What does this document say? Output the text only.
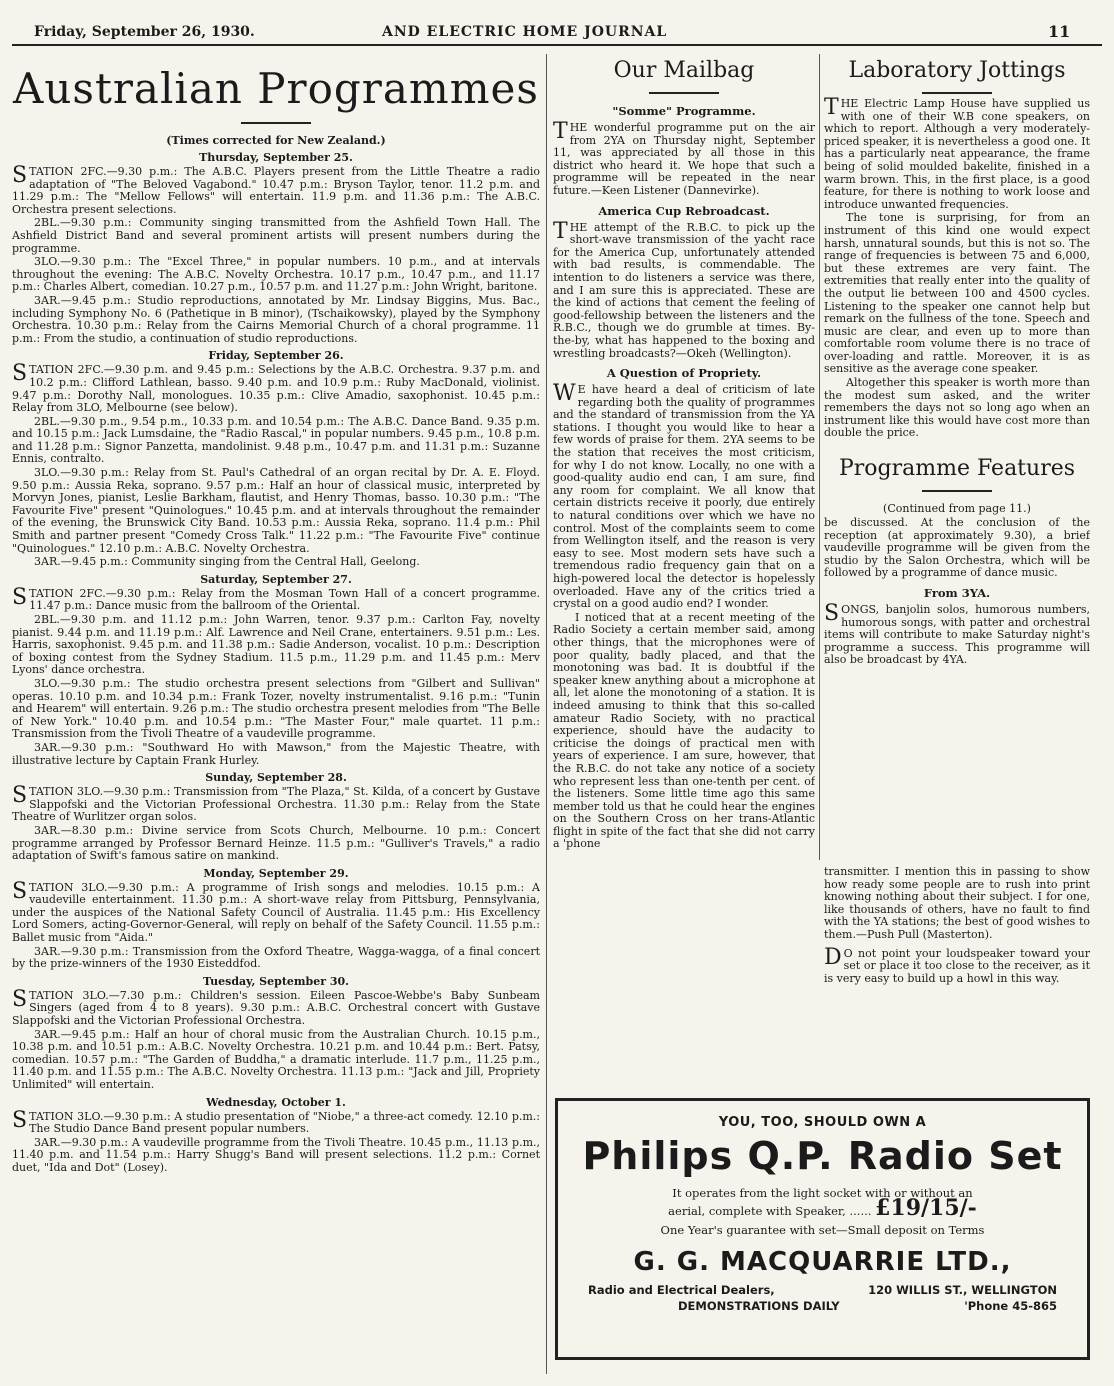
Friday, September 26, 1930.	AND ELECTRIC HOME JOURNAL	11
Australian Programmes
(Times corrected for New Zealand.)
Thursday, September 25.

STATION 2FC.—9.30 p.m.: The A.B.C. Players present from the Little Theatre a radio adaptation of "The Beloved Vagabond." 10.47 p.m.: Bryson Taylor, tenor. 11.2 p.m. and 11.29 p.m.: The "Mellow Fellows" will entertain. 11.9 p.m. and 11.36 p.m.: The A.B.C. Orchestra present selections.

2BL.—9.30 p.m.: Community singing transmitted from the Ashfield Town Hall. The Ashfield District Band and several prominent artists will present numbers during the programme.

3LO.—9.30 p.m.: The "Excel Three," in popular numbers. 10 p.m., and at intervals throughout the evening: The A.B.C. Novelty Orchestra. 10.17 p.m., 10.47 p.m., and 11.17 p.m.: Charles Albert, comedian. 10.27 p.m., 10.57 p.m. and 11.27 p.m.: John Wright, baritone.

3AR.—9.45 p.m.: Studio reproductions, annotated by Mr. Lindsay Biggins, Mus. Bac., including Symphony No. 6 (Pathetique in B minor), (Tschaikowsky), played by the Symphony Orchestra. 10.30 p.m.: Relay from the Cairns Memorial Church of a choral programme. 11 p.m.: From the studio, a continuation of studio reproductions.

Friday, September 26.

STATION 2FC.—9.30 p.m. and 9.45 p.m.: Selections by the A.B.C. Orchestra. 9.37 p.m. and 10.2 p.m.: Clifford Lathlean, basso. 9.40 p.m. and 10.9 p.m.: Ruby MacDonald, violinist. 9.47 p.m.: Dorothy Nall, monologues. 10.35 p.m.: Clive Amadio, saxophonist. 10.45 p.m.: Relay from 3LO, Melbourne (see below).

2BL.—9.30 p.m., 9.54 p.m., 10.33 p.m. and 10.54 p.m.: The A.B.C. Dance Band. 9.35 p.m. and 10.15 p.m.: Jack Lumsdaine, the "Radio Rascal," in popular numbers. 9.45 p.m., 10.8 p.m. and 11.28 p.m.: Signor Panzetta, mandolinist. 9.48 p.m., 10.47 p.m. and 11.31 p.m.: Suzanne Ennis, contralto.

3LO.—9.30 p.m.: Relay from St. Paul's Cathedral of an organ recital by Dr. A. E. Floyd. 9.50 p.m.: Aussia Reka, soprano. 9.57 p.m.: Half an hour of classical music, interpreted by Morvyn Jones, pianist, Leslie Barkham, flautist, and Henry Thomas, basso. 10.30 p.m.: "The Favourite Five" present "Quinologues." 10.45 p.m. and at intervals throughout the remainder of the evening, the Brunswick City Band. 10.53 p.m.: Aussia Reka, soprano. 11.4 p.m.: Phil Smith and partner present "Comedy Cross Talk." 11.22 p.m.: "The Favourite Five" continue "Quinologues." 12.10 p.m.: A.B.C. Novelty Orchestra.

3AR.—9.45 p.m.: Community singing from the Central Hall, Geelong.

Saturday, September 27.

STATION 2FC.—9.30 p.m.: Relay from the Mosman Town Hall of a concert programme. 11.47 p.m.: Dance music from the ballroom of the Oriental.

2BL.—9.30 p.m. and 11.12 p.m.: John Warren, tenor. 9.37 p.m.: Carlton Fay, novelty pianist. 9.44 p.m. and 11.19 p.m.: Alf. Lawrence and Neil Crane, entertainers. 9.51 p.m.: Les. Harris, saxophonist. 9.45 p.m. and 11.38 p.m.: Sadie Anderson, vocalist. 10 p.m.: Description of boxing contest from the Sydney Stadium. 11.5 p.m., 11.29 p.m. and 11.45 p.m.: Merv Lyons' dance orchestra.

3LO.—9.30 p.m.: The studio orchestra present selections from "Gilbert and Sullivan" operas. 10.10 p.m. and 10.34 p.m.: Frank Tozer, novelty instrumentalist. 9.16 p.m.: "Tunin and Hearem" will entertain. 9.26 p.m.: The studio orchestra present melodies from "The Belle of New York." 10.40 p.m. and 10.54 p.m.: "The Master Four," male quartet. 11 p.m.: Transmission from the Tivoli Theatre of a vaudeville programme.

3AR.—9.30 p.m.: "Southward Ho with Mawson," from the Majestic Theatre, with illustrative lecture by Captain Frank Hurley.

Sunday, September 28.

STATION 3LO.—9.30 p.m.: Transmission from "The Plaza," St. Kilda, of a concert by Gustave Slappofski and the Victorian Professional Orchestra. 11.30 p.m.: Relay from the State Theatre of Wurlitzer organ solos.

3AR.—8.30 p.m.: Divine service from Scots Church, Melbourne. 10 p.m.: Concert programme arranged by Professor Bernard Heinze. 11.5 p.m.: "Gulliver's Travels," a radio adaptation of Swift's famous satire on mankind.

Monday, September 29.

STATION 3LO.—9.30 p.m.: A programme of Irish songs and melodies. 10.15 p.m.: A vaudeville entertainment. 11.30 p.m.: A short-wave relay from Pittsburg, Pennsylvania, under the auspices of the National Safety Council of Australia. 11.45 p.m.: His Excellency Lord Somers, acting-Governor-General, will reply on behalf of the Safety Council. 11.55 p.m.: Ballet music from "Aida."

3AR.—9.30 p.m.: Transmission from the Oxford Theatre, Wagga-wagga, of a final concert by the prize-winners of the 1930 Eisteddfod.

Tuesday, September 30.

STATION 3LO.—7.30 p.m.: Children's session. Eileen Pascoe-Webbe's Baby Sunbeam Singers (aged from 4 to 8 years). 9.30 p.m.: A.B.C. Orchestral concert with Gustave Slappofski and the Victorian Professional Orchestra.

3AR.—9.45 p.m.: Half an hour of choral music from the Australian Church. 10.15 p.m., 10.38 p.m. and 10.51 p.m.: A.B.C. Novelty Orchestra. 10.21 p.m. and 10.44 p.m.: Bert. Patsy, comedian. 10.57 p.m.: "The Garden of Buddha," a dramatic interlude. 11.7 p.m., 11.25 p.m., 11.40 p.m. and 11.55 p.m.: The A.B.C. Novelty Orchestra. 11.13 p.m.: "Jack and Jill, Propriety Unlimited" will entertain.

Wednesday, October 1.

STATION 3LO.—9.30 p.m.: A studio presentation of "Niobe," a three-act comedy. 12.10 p.m.: The Studio Dance Band present popular numbers.

3AR.—9.30 p.m.: A vaudeville programme from the Tivoli Theatre. 10.45 p.m., 11.13 p.m., 11.40 p.m. and 11.54 p.m.: Harry Shugg's Band will present selections. 11.2 p.m.: Cornet duet, "Ida and Dot" (Losey).

Our Mailbag
"Somme" Programme.

THE wonderful programme put on the air from 2YA on Thursday night, September 11, was appreciated by all those in this district who heard it. We hope that such a programme will be repeated in the near future.—Keen Listener (Dannevirke).

America Cup Rebroadcast.

THE attempt of the R.B.C. to pick up the short-wave transmission of the yacht race for the America Cup, unfortunately attended with bad results, is commendable. The intention to do listeners a service was there, and I am sure this is appreciated. These are the kind of actions that cement the feeling of good-fellowship between the listeners and the R.B.C., though we do grumble at times. By-the-by, what has happened to the boxing and wrestling broadcasts?—Okeh (Wellington).

A Question of Propriety.

WE have heard a deal of criticism of late regarding both the quality of programmes and the standard of transmission from the YA stations. I thought you would like to hear a few words of praise for them. 2YA seems to be the station that receives the most criticism, for why I do not know. Locally, no one with a good-quality audio end can, I am sure, find any room for complaint. We all know that certain districts receive it poorly, due entirely to natural conditions over which we have no control. Most of the complaints seem to come from Wellington itself, and the reason is very easy to see. Most modern sets have such a tremendous radio frequency gain that on a high-powered local the detector is hopelessly overloaded. Have any of the critics tried a crystal on a good audio end? I wonder.

I noticed that at a recent meeting of the Radio Society a certain member said, among other things, that the microphones were of poor quality, badly placed, and that the monotoning was bad. It is doubtful if the speaker knew anything about a microphone at all, let alone the monotoning of a station. It is indeed amusing to think that this so-called amateur Radio Society, with no practical experience, should have the audacity to criticise the doings of practical men with years of experience. I am sure, however, that the R.B.C. do not take any notice of a society who represent less than one-tenth per cent. of the listeners. Some little time ago this same member told us that he could hear the engines on the Southern Cross on her trans-Atlantic flight in spite of the fact that she did not carry a 'phone

Laboratory Jottings

THE Electric Lamp House have supplied us with one of their W.B cone speakers, on which to report. Although a very moderately-priced speaker, it is nevertheless a good one. It has a particularly neat appearance, the frame being of solid moulded bakelite, finished in a warm brown. This, in the first place, is a good feature, for there is nothing to work loose and introduce unwanted frequencies.

The tone is surprising, for from an instrument of this kind one would expect harsh, unnatural sounds, but this is not so. The range of frequencies is between 75 and 6,000, but these extremes are very faint. The extremities that really enter into the quality of the output lie between 100 and 4500 cycles. Listening to the speaker one cannot help but remark on the fullness of the tone. Speech and music are clear, and even up to more than comfortable room volume there is no trace of over-loading and rattle. Moreover, it is as sensitive as the average cone speaker.

Altogether this speaker is worth more than the modest sum asked, and the writer remembers the days not so long ago when an instrument like this would have cost more than double the price.

Programme Features
(Continued from page 11.)

be discussed. At the conclusion of the reception (at approximately 9.30), a brief vaudeville programme will be given from the studio by the Salon Orchestra, which will be followed by a programme of dance music.

From 3YA.

SONGS, banjolin solos, humorous numbers, humorous songs, with patter and orchestral items will contribute to make Saturday night's programme a success. This programme will also be broadcast by 4YA.

transmitter. I mention this in passing to show how ready some people are to rush into print knowing nothing about their subject. I for one, like thousands of others, have no fault to find with the YA stations; the best of good wishes to them.—Push Pull (Masterton).

DO not point your loudspeaker toward your set or place it too close to the receiver, as it is very easy to build up a howl in this way.

YOU, TOO, SHOULD OWN A
Philips Q.P. Radio Set
It operates from the light socket with or without an
aerial, complete with Speaker, ...... £19/15/-
One Year's guarantee with set—Small deposit on Terms
G. G. MACQUARRIE LTD.,
Radio and Electrical Dealers,	120 WILLIS ST., WELLINGTON
DEMONSTRATIONS DAILY	'Phone 45-865
